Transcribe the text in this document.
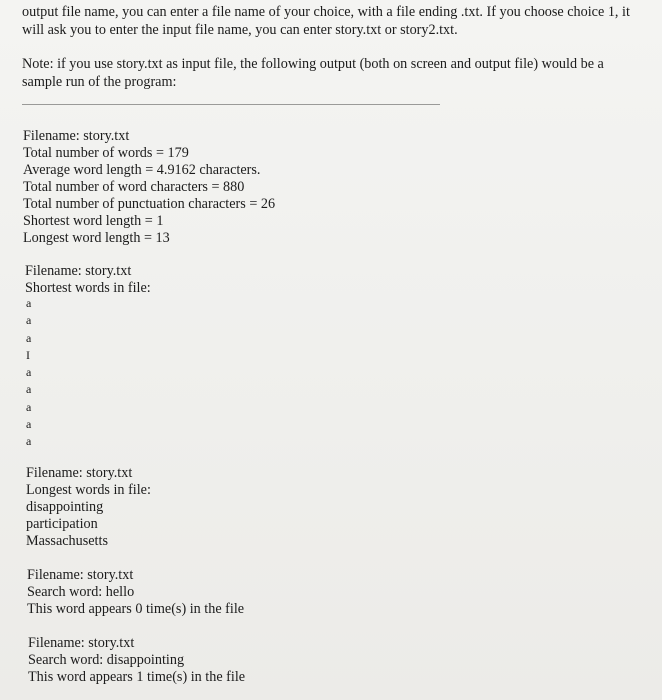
output file name, you can enter a file name of your choice, with a file ending .txt. If you choose choice 1, it will ask you to enter the input file name, you can enter story.txt or story2.txt.

Note: if you use story.txt as input file, the following output (both on screen and output file) would be a sample run of the program:

Filename: story.txt
Total number of words = 179
Average word length = 4.9162 characters.
Total number of word characters = 880
Total number of punctuation characters = 26
Shortest word length = 1
Longest word length = 13
Filename: story.txt
Shortest words in file:
a
a
a
I
a
a
a
a
a
Filename: story.txt
Longest words in file:
disappointing
participation
Massachusetts
Filename: story.txt
Search word: hello
This word appears 0 time(s) in the file
Filename: story.txt
Search word: disappointing
This word appears 1 time(s) in the file
